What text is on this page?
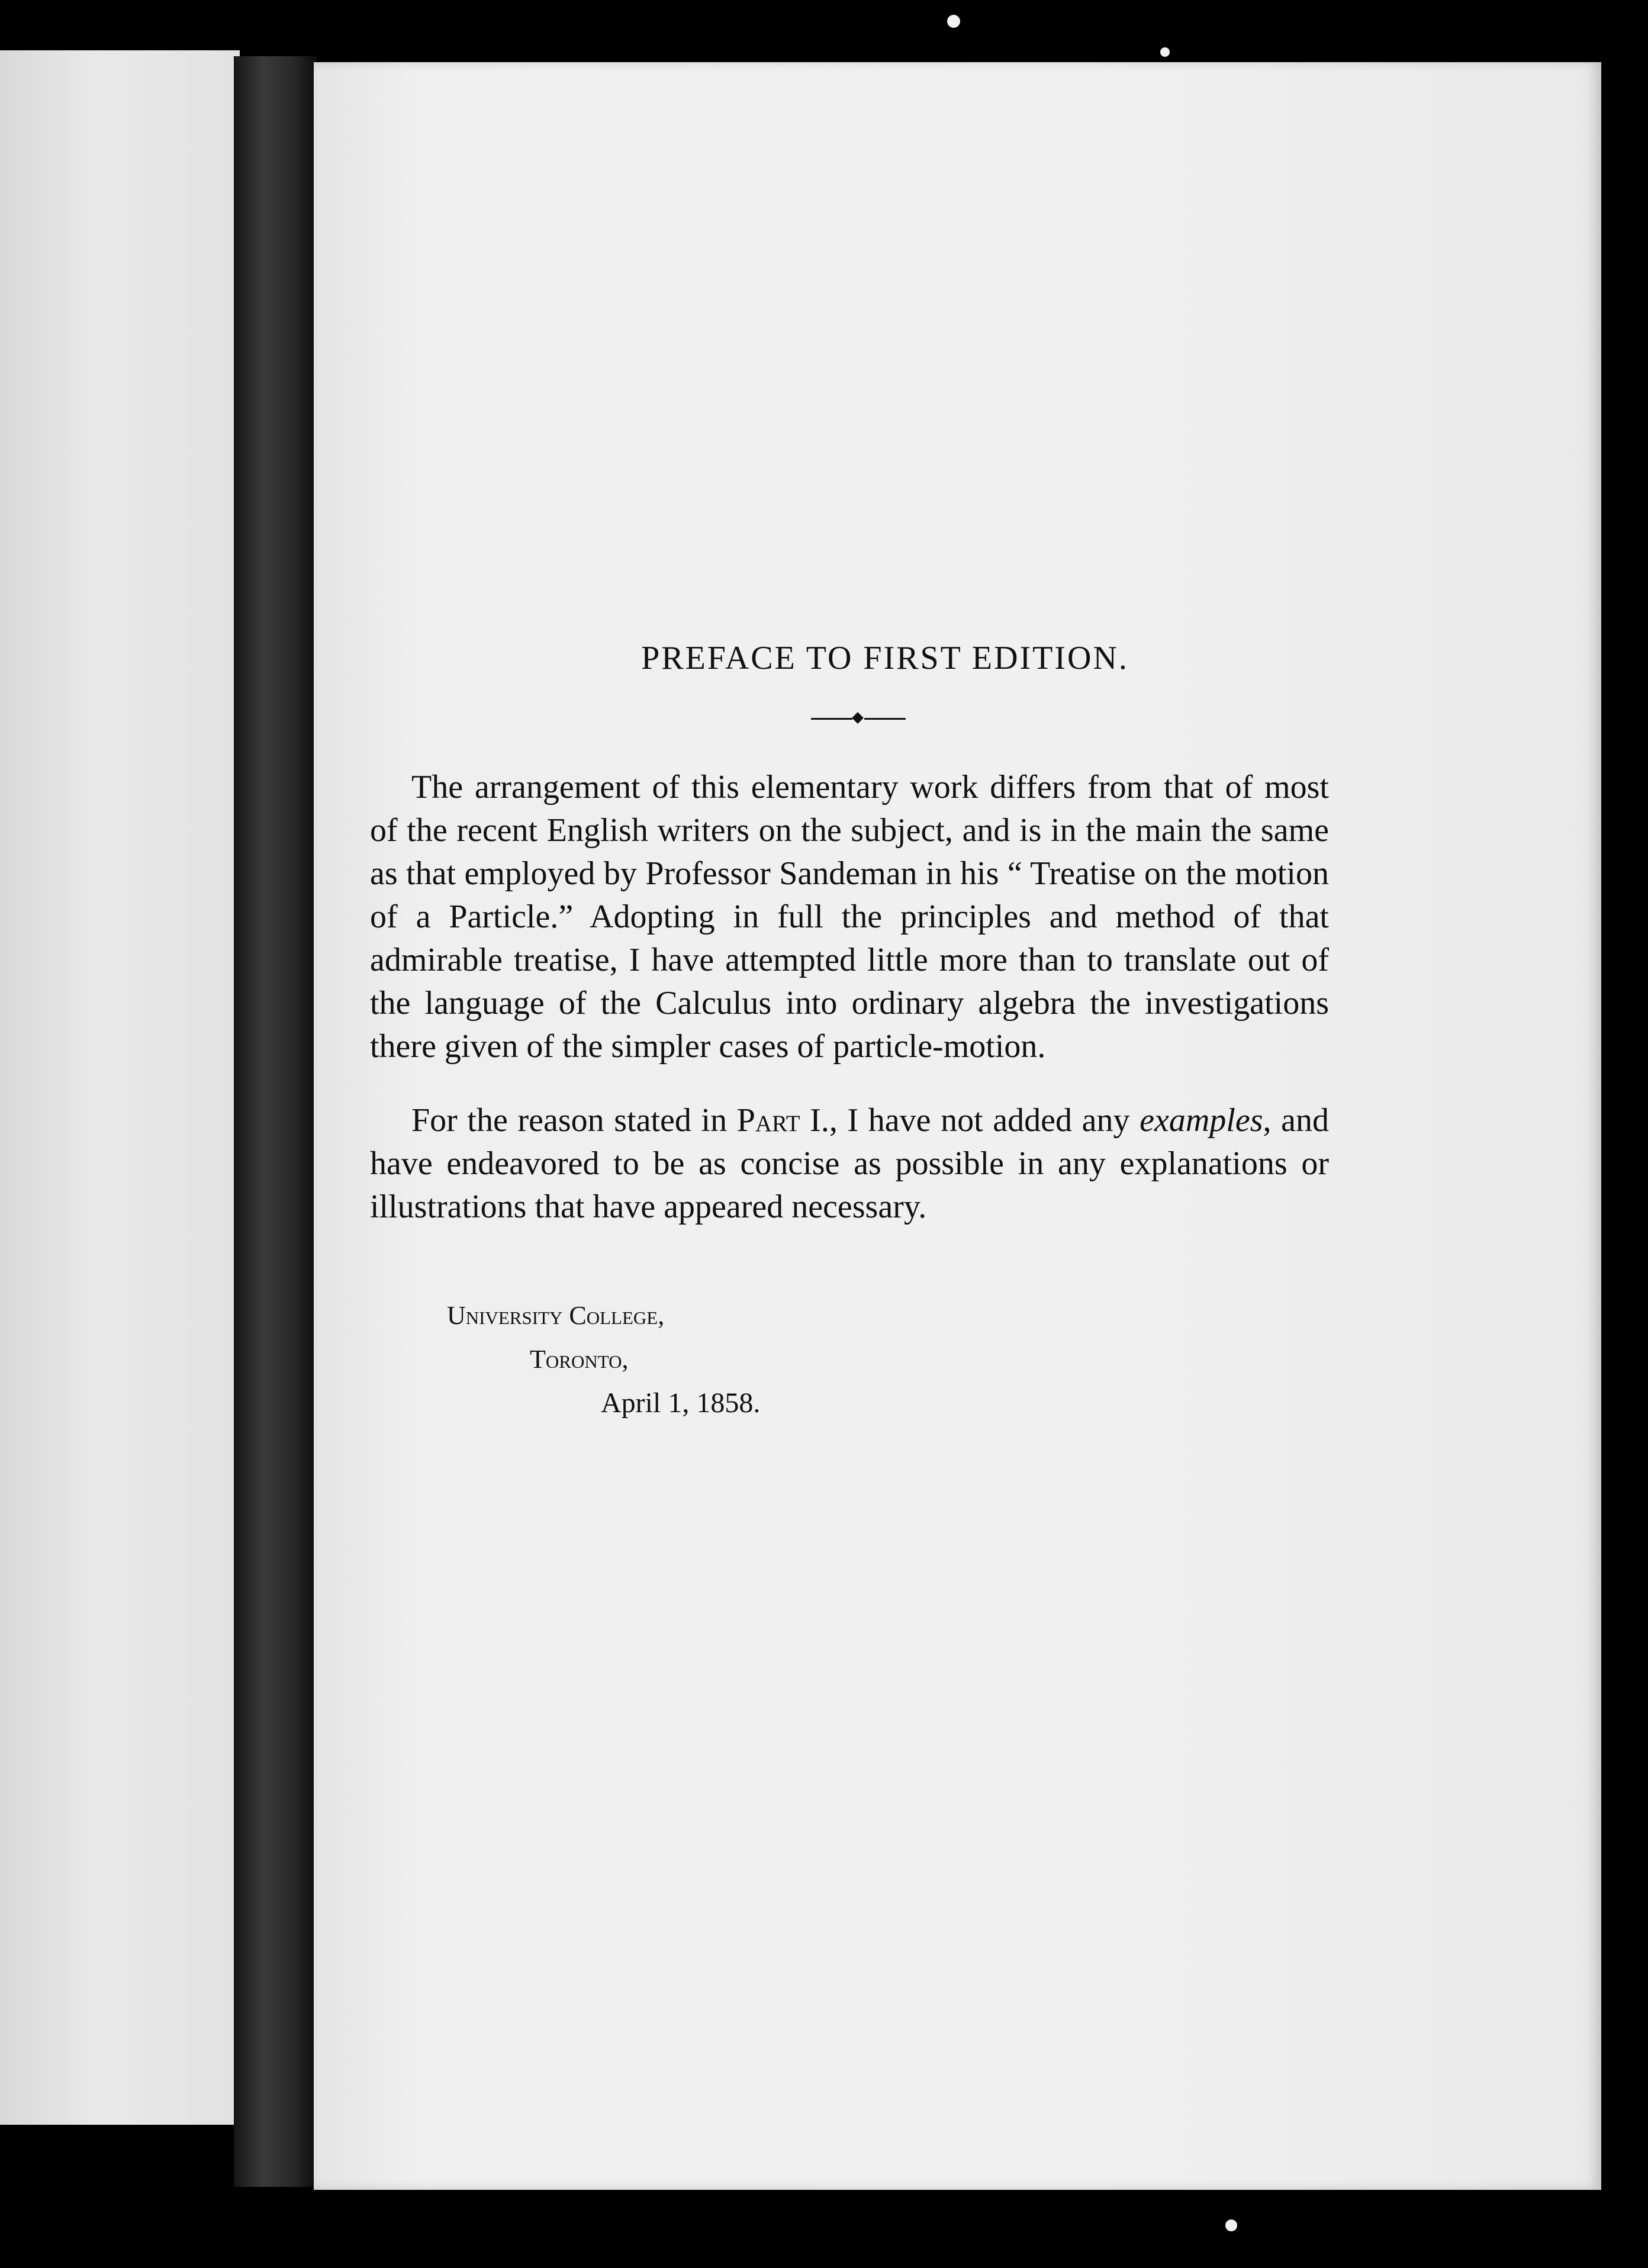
PREFACE TO FIRST EDITION.

The arrangement of this elementary work differs from that of most of the recent English writers on the subject, and is in the main the same as that employed by Professor Sandeman in his “ Treatise on the motion of a Particle.” Adopting in full the principles and method of that admirable treatise, I have attempted little more than to translate out of the language of the Calculus into ordinary algebra the investigations there given of the simpler cases of particle-motion.

For the reason stated in Part I., I have not added any examples, and have endeavored to be as concise as possible in any explanations or illustrations that have appeared necessary.

University College,
Toronto,
April 1, 1858.
